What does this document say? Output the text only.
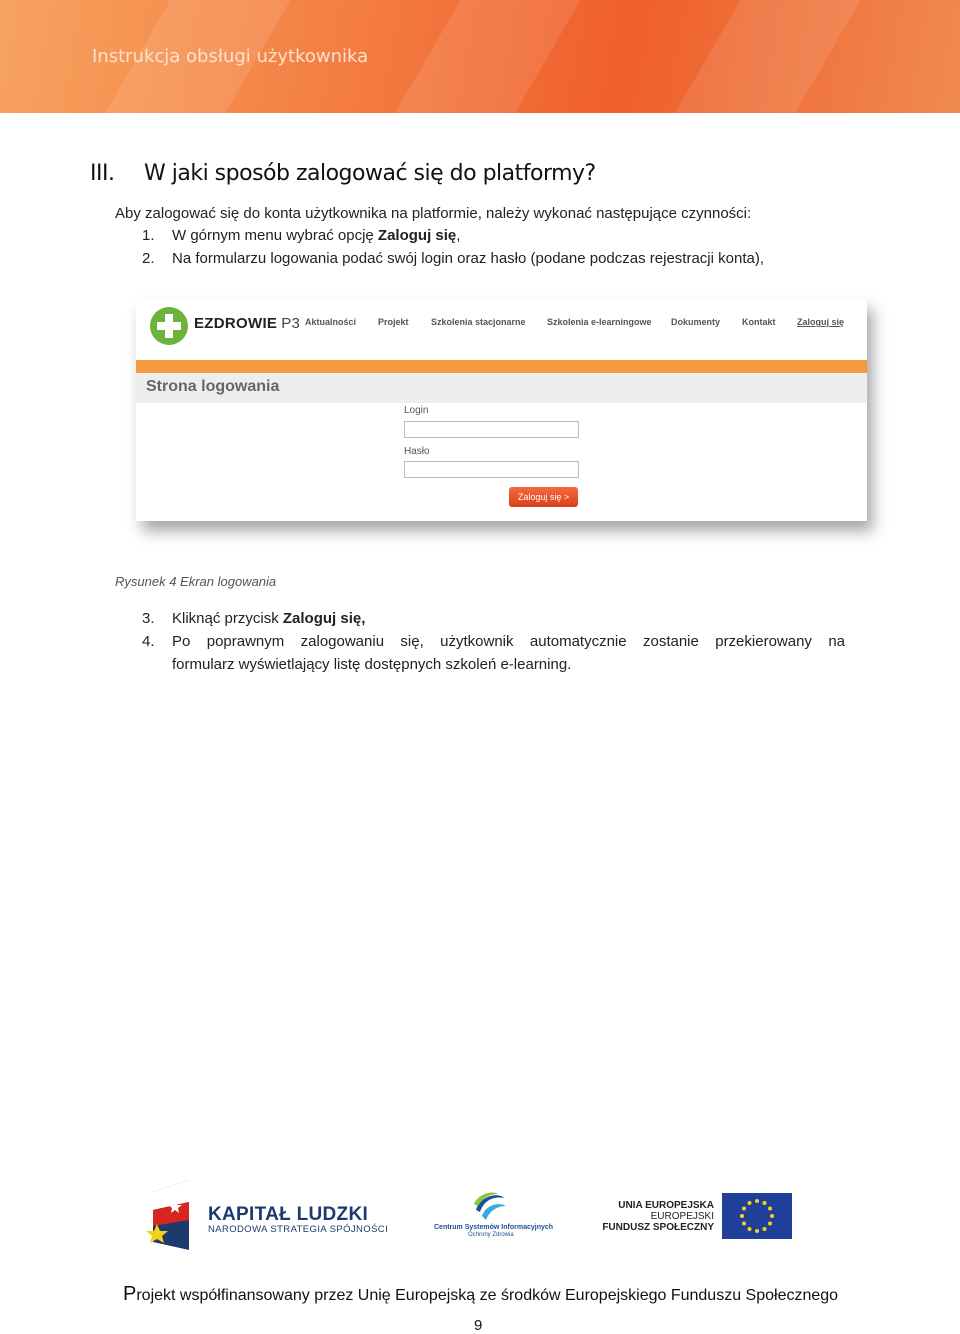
Instrukcja obsługi użytkownika
III. W jaki sposób zalogować się do platformy?
Aby zalogować się do konta użytkownika na platformie, należy wykonać następujące czynności:
1. W górnym menu wybrać opcję Zaloguj się,
2. Na formularzu logowania podać swój login oraz hasło (podane podczas rejestracji konta),
EZDROWIE P3 Aktualności Projekt Szkolenia stacjonarne Szkolenia e-learningowe Dokumenty Kontakt Zaloguj się
Strona logowania
Login
Hasło
Zaloguj się >
Rysunek 4 Ekran logowania
3. Kliknąć przycisk Zaloguj się,
4. Po poprawnym zalogowaniu się, użytkownik automatycznie zostanie przekierowany na
formularz wyświetlający listę dostępnych szkoleń e-learning.
KAPITAŁ LUDZKI
NARODOWA STRATEGIA SPÓJNOŚCI	Centrum Systemów Informacyjnych
Ochrony Zdrowia
UNIA EUROPEJSKA
EUROPEJSKI
FUNDUSZ SPOŁECZNY
Projekt współfinansowany przez Unię Europejską ze środków Europejskiego Funduszu Społecznego
9
